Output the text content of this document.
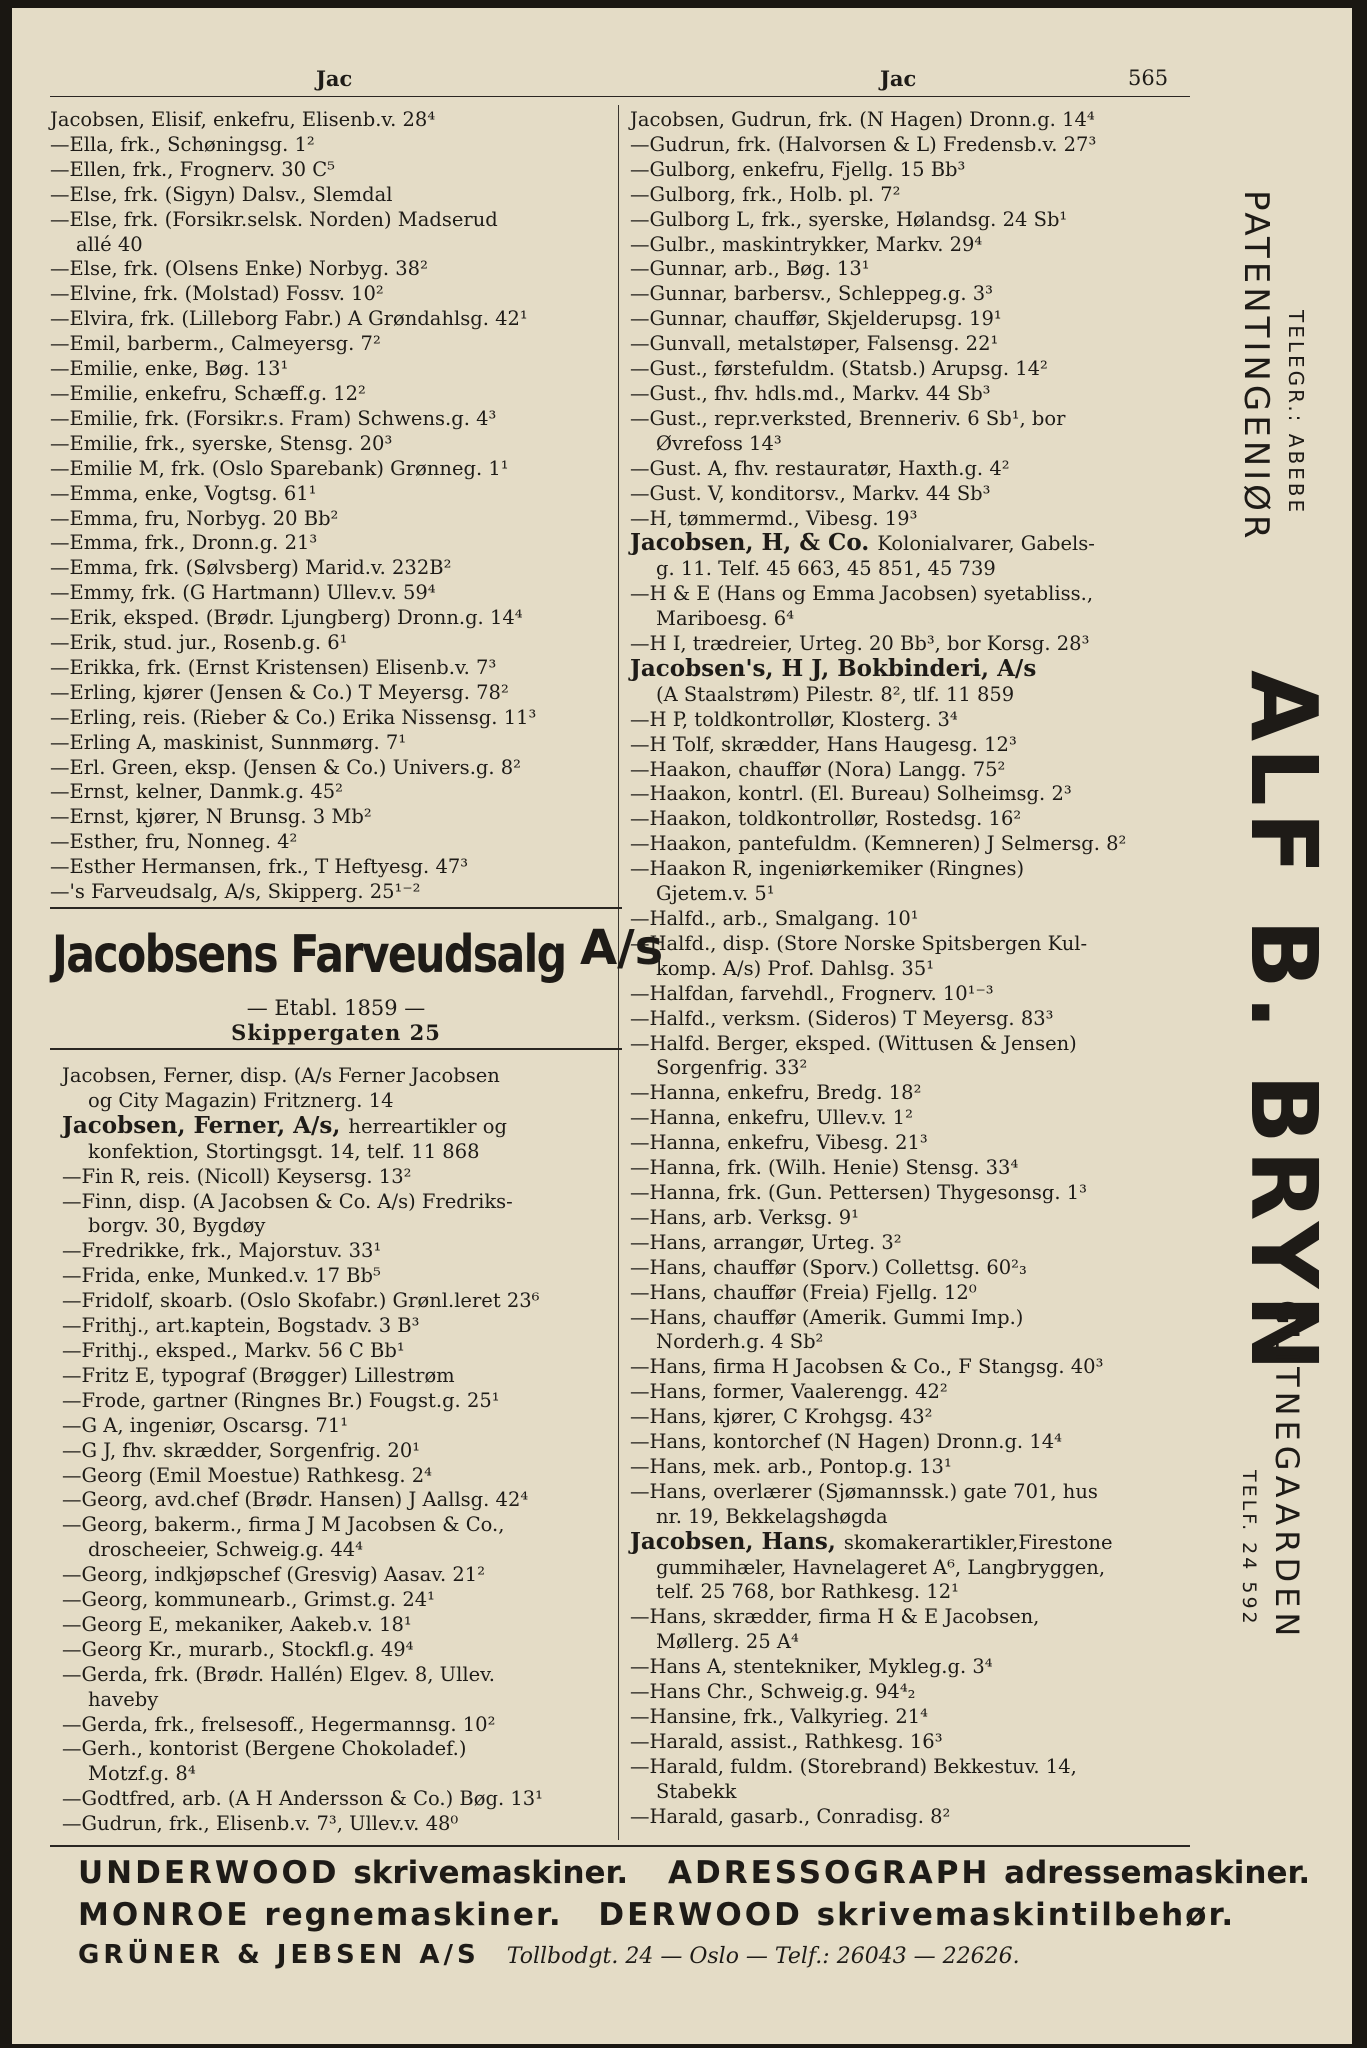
Jac	Jac	565

Jacobsen, Elisif, enkefru, Elisenb.v. 28⁴

—Ella, frk., Schøningsg. 1²

—Ellen, frk., Frognerv. 30 C⁵

—Else, frk. (Sigyn) Dalsv., Slemdal

—Else, frk. (Forsikr.selsk. Norden) Madserud

allé 40

—Else, frk. (Olsens Enke) Norbyg. 38²

—Elvine, frk. (Molstad) Fossv. 10²

—Elvira, frk. (Lilleborg Fabr.) A Grøndahlsg. 42¹

—Emil, barberm., Calmeyersg. 7²

—Emilie, enke, Bøg. 13¹

—Emilie, enkefru, Schæff.g. 12²

—Emilie, frk. (Forsikr.s. Fram) Schwens.g. 4³

—Emilie, frk., syerske, Stensg. 20³

—Emilie M, frk. (Oslo Sparebank) Grønneg. 1¹

—Emma, enke, Vogtsg. 61¹

—Emma, fru, Norbyg. 20 Bb²

—Emma, frk., Dronn.g. 21³

—Emma, frk. (Sølvsberg) Marid.v. 232B²

—Emmy, frk. (G Hartmann) Ullev.v. 59⁴

—Erik, eksped. (Brødr. Ljungberg) Dronn.g. 14⁴

—Erik, stud. jur., Rosenb.g. 6¹

—Erikka, frk. (Ernst Kristensen) Elisenb.v. 7³

—Erling, kjører (Jensen & Co.) T Meyersg. 78²

—Erling, reis. (Rieber & Co.) Erika Nissensg. 11³

—Erling A, maskinist, Sunnmørg. 7¹

—Erl. Green, eksp. (Jensen & Co.) Univers.g. 8²

—Ernst, kelner, Danmk.g. 45²

—Ernst, kjører, N Brunsg. 3 Mb²

—Esther, fru, Nonneg. 4²

—Esther Hermansen, frk., T Heftyesg. 47³

—'s Farveudsalg, A/s, Skipperg. 25¹⁻²

Jacobsens Farveudsalg A/s
— Etabl. 1859 —
Skippergaten 25

Jacobsen, Ferner, disp. (A/s Ferner Jacobsen

og City Magazin) Fritznerg. 14

Jacobsen, Ferner, A/s, herreartikler og

konfektion, Stortingsgt. 14, telf. 11 868

—Fin R, reis. (Nicoll) Keysersg. 13²

—Finn, disp. (A Jacobsen & Co. A/s) Fredriks-

borgv. 30, Bygdøy

—Fredrikke, frk., Majorstuv. 33¹

—Frida, enke, Munked.v. 17 Bb⁵

—Fridolf, skoarb. (Oslo Skofabr.) Grønl.leret 23⁶

—Frithj., art.kaptein, Bogstadv. 3 B³

—Frithj., eksped., Markv. 56 C Bb¹

—Fritz E, typograf (Brøgger) Lillestrøm

—Frode, gartner (Ringnes Br.) Fougst.g. 25¹

—G A, ingeniør, Oscarsg. 71¹

—G J, fhv. skrædder, Sorgenfrig. 20¹

—Georg (Emil Moestue) Rathkesg. 2⁴

—Georg, avd.chef (Brødr. Hansen) J Aallsg. 42⁴

—Georg, bakerm., firma J M Jacobsen & Co.,

droscheeier, Schweig.g. 44⁴

—Georg, indkjøpschef (Gresvig) Aasav. 21²

—Georg, kommunearb., Grimst.g. 24¹

—Georg E, mekaniker, Aakeb.v. 18¹

—Georg Kr., murarb., Stockfl.g. 49⁴

—Gerda, frk. (Brødr. Hallén) Elgev. 8, Ullev.

haveby

—Gerda, frk., frelsesoff., Hegermannsg. 10²

—Gerh., kontorist (Bergene Chokoladef.)

Motzf.g. 8⁴

—Godtfred, arb. (A H Andersson & Co.) Bøg. 13¹

—Gudrun, frk., Elisenb.v. 7³, Ullev.v. 48⁰

Jacobsen, Gudrun, frk. (N Hagen) Dronn.g. 14⁴

—Gudrun, frk. (Halvorsen & L) Fredensb.v. 27³

—Gulborg, enkefru, Fjellg. 15 Bb³

—Gulborg, frk., Holb. pl. 7²

—Gulborg L, frk., syerske, Hølandsg. 24 Sb¹

—Gulbr., maskintrykker, Markv. 29⁴

—Gunnar, arb., Bøg. 13¹

—Gunnar, barbersv., Schleppeg.g. 3³

—Gunnar, chauffør, Skjelderupsg. 19¹

—Gunvall, metalstøper, Falsensg. 22¹

—Gust., førstefuldm. (Statsb.) Arupsg. 14²

—Gust., fhv. hdls.md., Markv. 44 Sb³

—Gust., repr.verksted, Brenneriv. 6 Sb¹, bor

Øvrefoss 14³

—Gust. A, fhv. restauratør, Haxth.g. 4²

—Gust. V, konditorsv., Markv. 44 Sb³

—H, tømmermd., Vibesg. 19³

Jacobsen, H, & Co. Kolonialvarer, Gabels-

g. 11. Telf. 45 663, 45 851, 45 739

—H & E (Hans og Emma Jacobsen) syetabliss.,

Mariboesg. 6⁴

—H I, trædreier, Urteg. 20 Bb³, bor Korsg. 28³

Jacobsen's, H J, Bokbinderi, A/s

(A Staalstrøm) Pilestr. 8², tlf. 11 859

—H P, toldkontrollør, Klosterg. 3⁴

—H Tolf, skrædder, Hans Haugesg. 12³

—Haakon, chauffør (Nora) Langg. 75²

—Haakon, kontrl. (El. Bureau) Solheimsg. 2³

—Haakon, toldkontrollør, Rostedsg. 16²

—Haakon, pantefuldm. (Kemneren) J Selmersg. 8²

—Haakon R, ingeniørkemiker (Ringnes)

Gjetem.v. 5¹

—Halfd., arb., Smalgang. 10¹

—Halfd., disp. (Store Norske Spitsbergen Kul-

komp. A/s) Prof. Dahlsg. 35¹

—Halfdan, farvehdl., Frognerv. 10¹⁻³

—Halfd., verksm. (Sideros) T Meyersg. 83³

—Halfd. Berger, eksped. (Wittusen & Jensen)

Sorgenfrig. 33²

—Hanna, enkefru, Bredg. 18²

—Hanna, enkefru, Ullev.v. 1²

—Hanna, enkefru, Vibesg. 21³

—Hanna, frk. (Wilh. Henie) Stensg. 33⁴

—Hanna, frk. (Gun. Pettersen) Thygesonsg. 1³

—Hans, arb. Verksg. 9¹

—Hans, arrangør, Urteg. 3²

—Hans, chauffør (Sporv.) Collettsg. 60²₃

—Hans, chauffør (Freia) Fjellg. 12⁰

—Hans, chauffør (Amerik. Gummi Imp.)

Norderh.g. 4 Sb²

—Hans, firma H Jacobsen & Co., F Stangsg. 40³

—Hans, former, Vaalerengg. 42²

—Hans, kjører, C Krohgsg. 43²

—Hans, kontorchef (N Hagen) Dronn.g. 14⁴

—Hans, mek. arb., Pontop.g. 13¹

—Hans, overlærer (Sjømannssk.) gate 701, hus

nr. 19, Bekkelagshøgda

Jacobsen, Hans, skomakerartikler,Firestone

gummihæler, Havnelageret A⁶, Langbryggen,

telf. 25 768, bor Rathkesg. 12¹

—Hans, skrædder, firma H & E Jacobsen,

Møllerg. 25 A⁴

—Hans A, stentekniker, Mykleg.g. 3⁴

—Hans Chr., Schweig.g. 94⁴₂

—Hansine, frk., Valkyrieg. 21⁴

—Harald, assist., Rathkesg. 16³

—Harald, fuldm. (Storebrand) Bekkestuv. 14,

Stabekk

—Harald, gasarb., Conradisg. 8²

PATENTINGENIØR TELEGR.: ABEBE
ALF B. BRYN
GLITNEGAARDEN
TELF. 24 592
UNDERWOOD skrivemaskiner. ADRESSOGRAPH adressemaskiner.
MONROE regnemaskiner. DERWOOD skrivemaskintilbehør.
GRÜNER & JEBSEN A/S Tollbodgt. 24 — Oslo — Telf.: 26043 — 22626.
